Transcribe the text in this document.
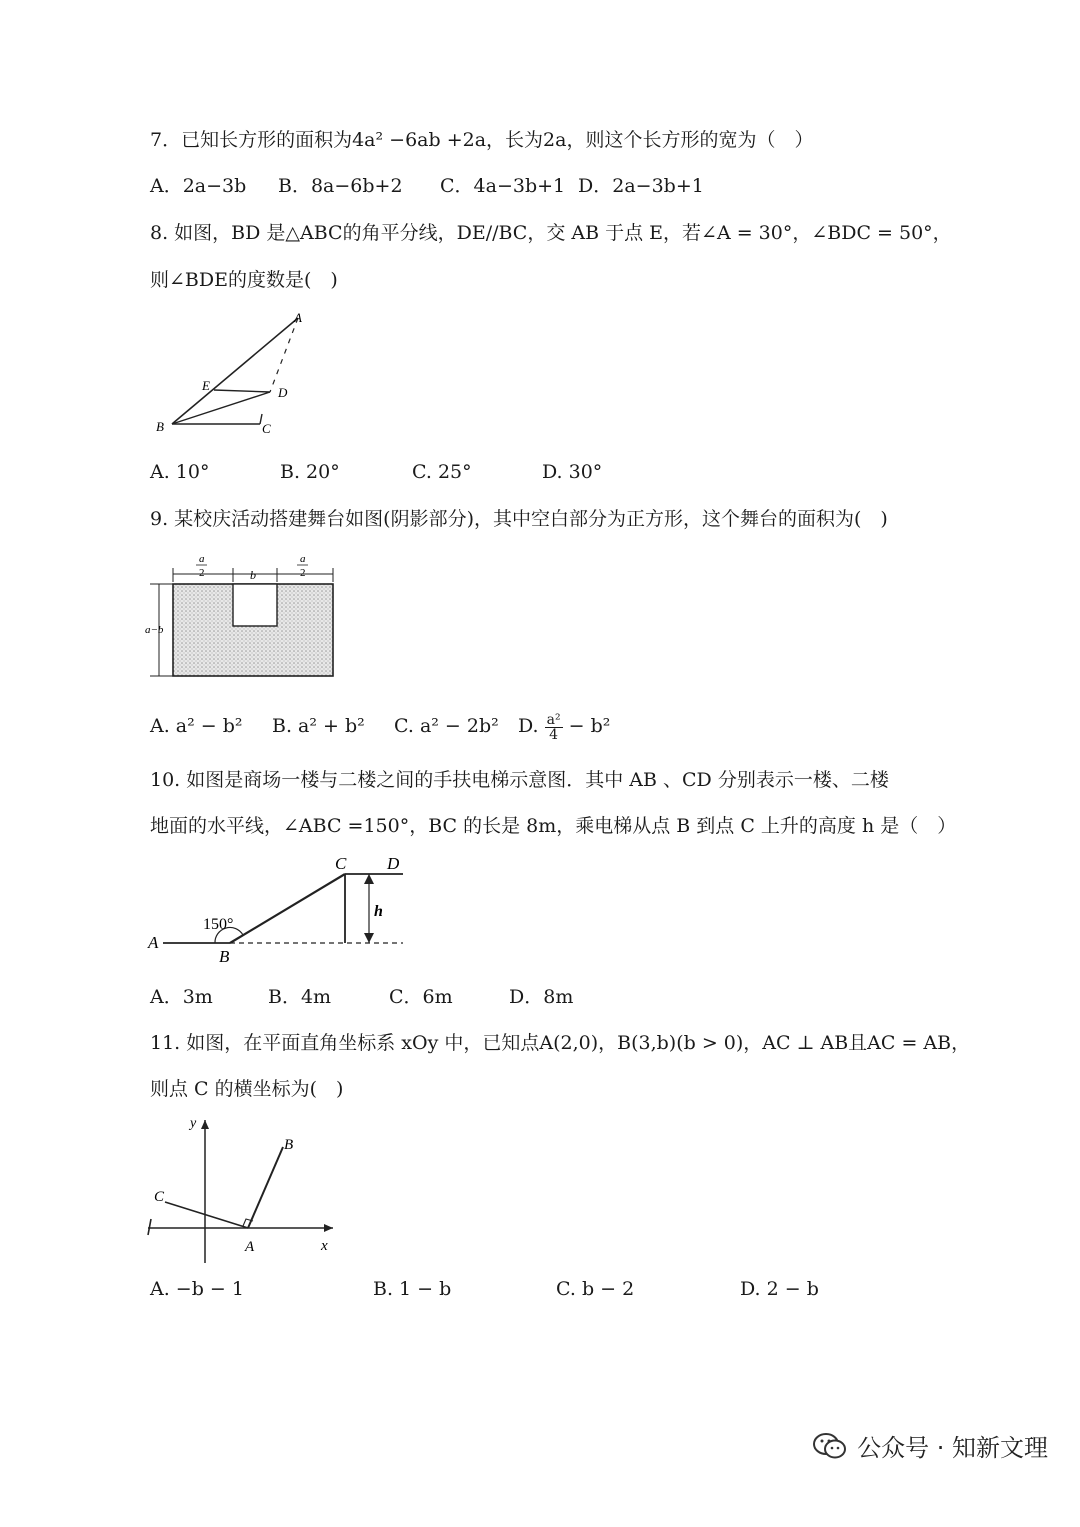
7．已知长方形的面积为4a² −6ab +2a，长为2a，则这个长方形的宽为（　）
A．2a−3b B．8a−6b+2 C．4a−3b+1 D．2a−3b+1
8. 如图，BD 是△ABC的角平分线，DE//BC，交 AB 于点 E，若∠A = 30°，∠BDC = 50°，
则∠BDE的度数是(　)
A
B	C
D
E
A. 10°	B. 20°	C. 25°	D. 30°
9. 某校庆活动搭建舞台如图(阴影部分)，其中空白部分为正方形，这个舞台的面积为(　)
a
2	b
a
2
a−b
A. a² − b² B. a² + b² C. a² − 2b² D. $\frac{\text{a²}}{4} - b^2$
10. 如图是商场一楼与二楼之间的手扶电梯示意图．其中 AB 、CD 分别表示一楼、二楼
地面的水平线，∠ABC =150°，BC 的长是 8m，乘电梯从点 B 到点 C 上升的高度 h 是（　）
A
B
C D
h
150°
A．3m	B．4m	C．6m	D．8m
11. 如图，在平面直角坐标系 xOy 中，已知点A(2,0)，B(3,b)(b > 0)，AC ⊥ AB且AC = AB，
则点 C 的横坐标为(　)
y
x
A
B
C
A. −b − 1	B. 1 − b	C. b − 2	D. 2 − b
公众号 · 知新文理
